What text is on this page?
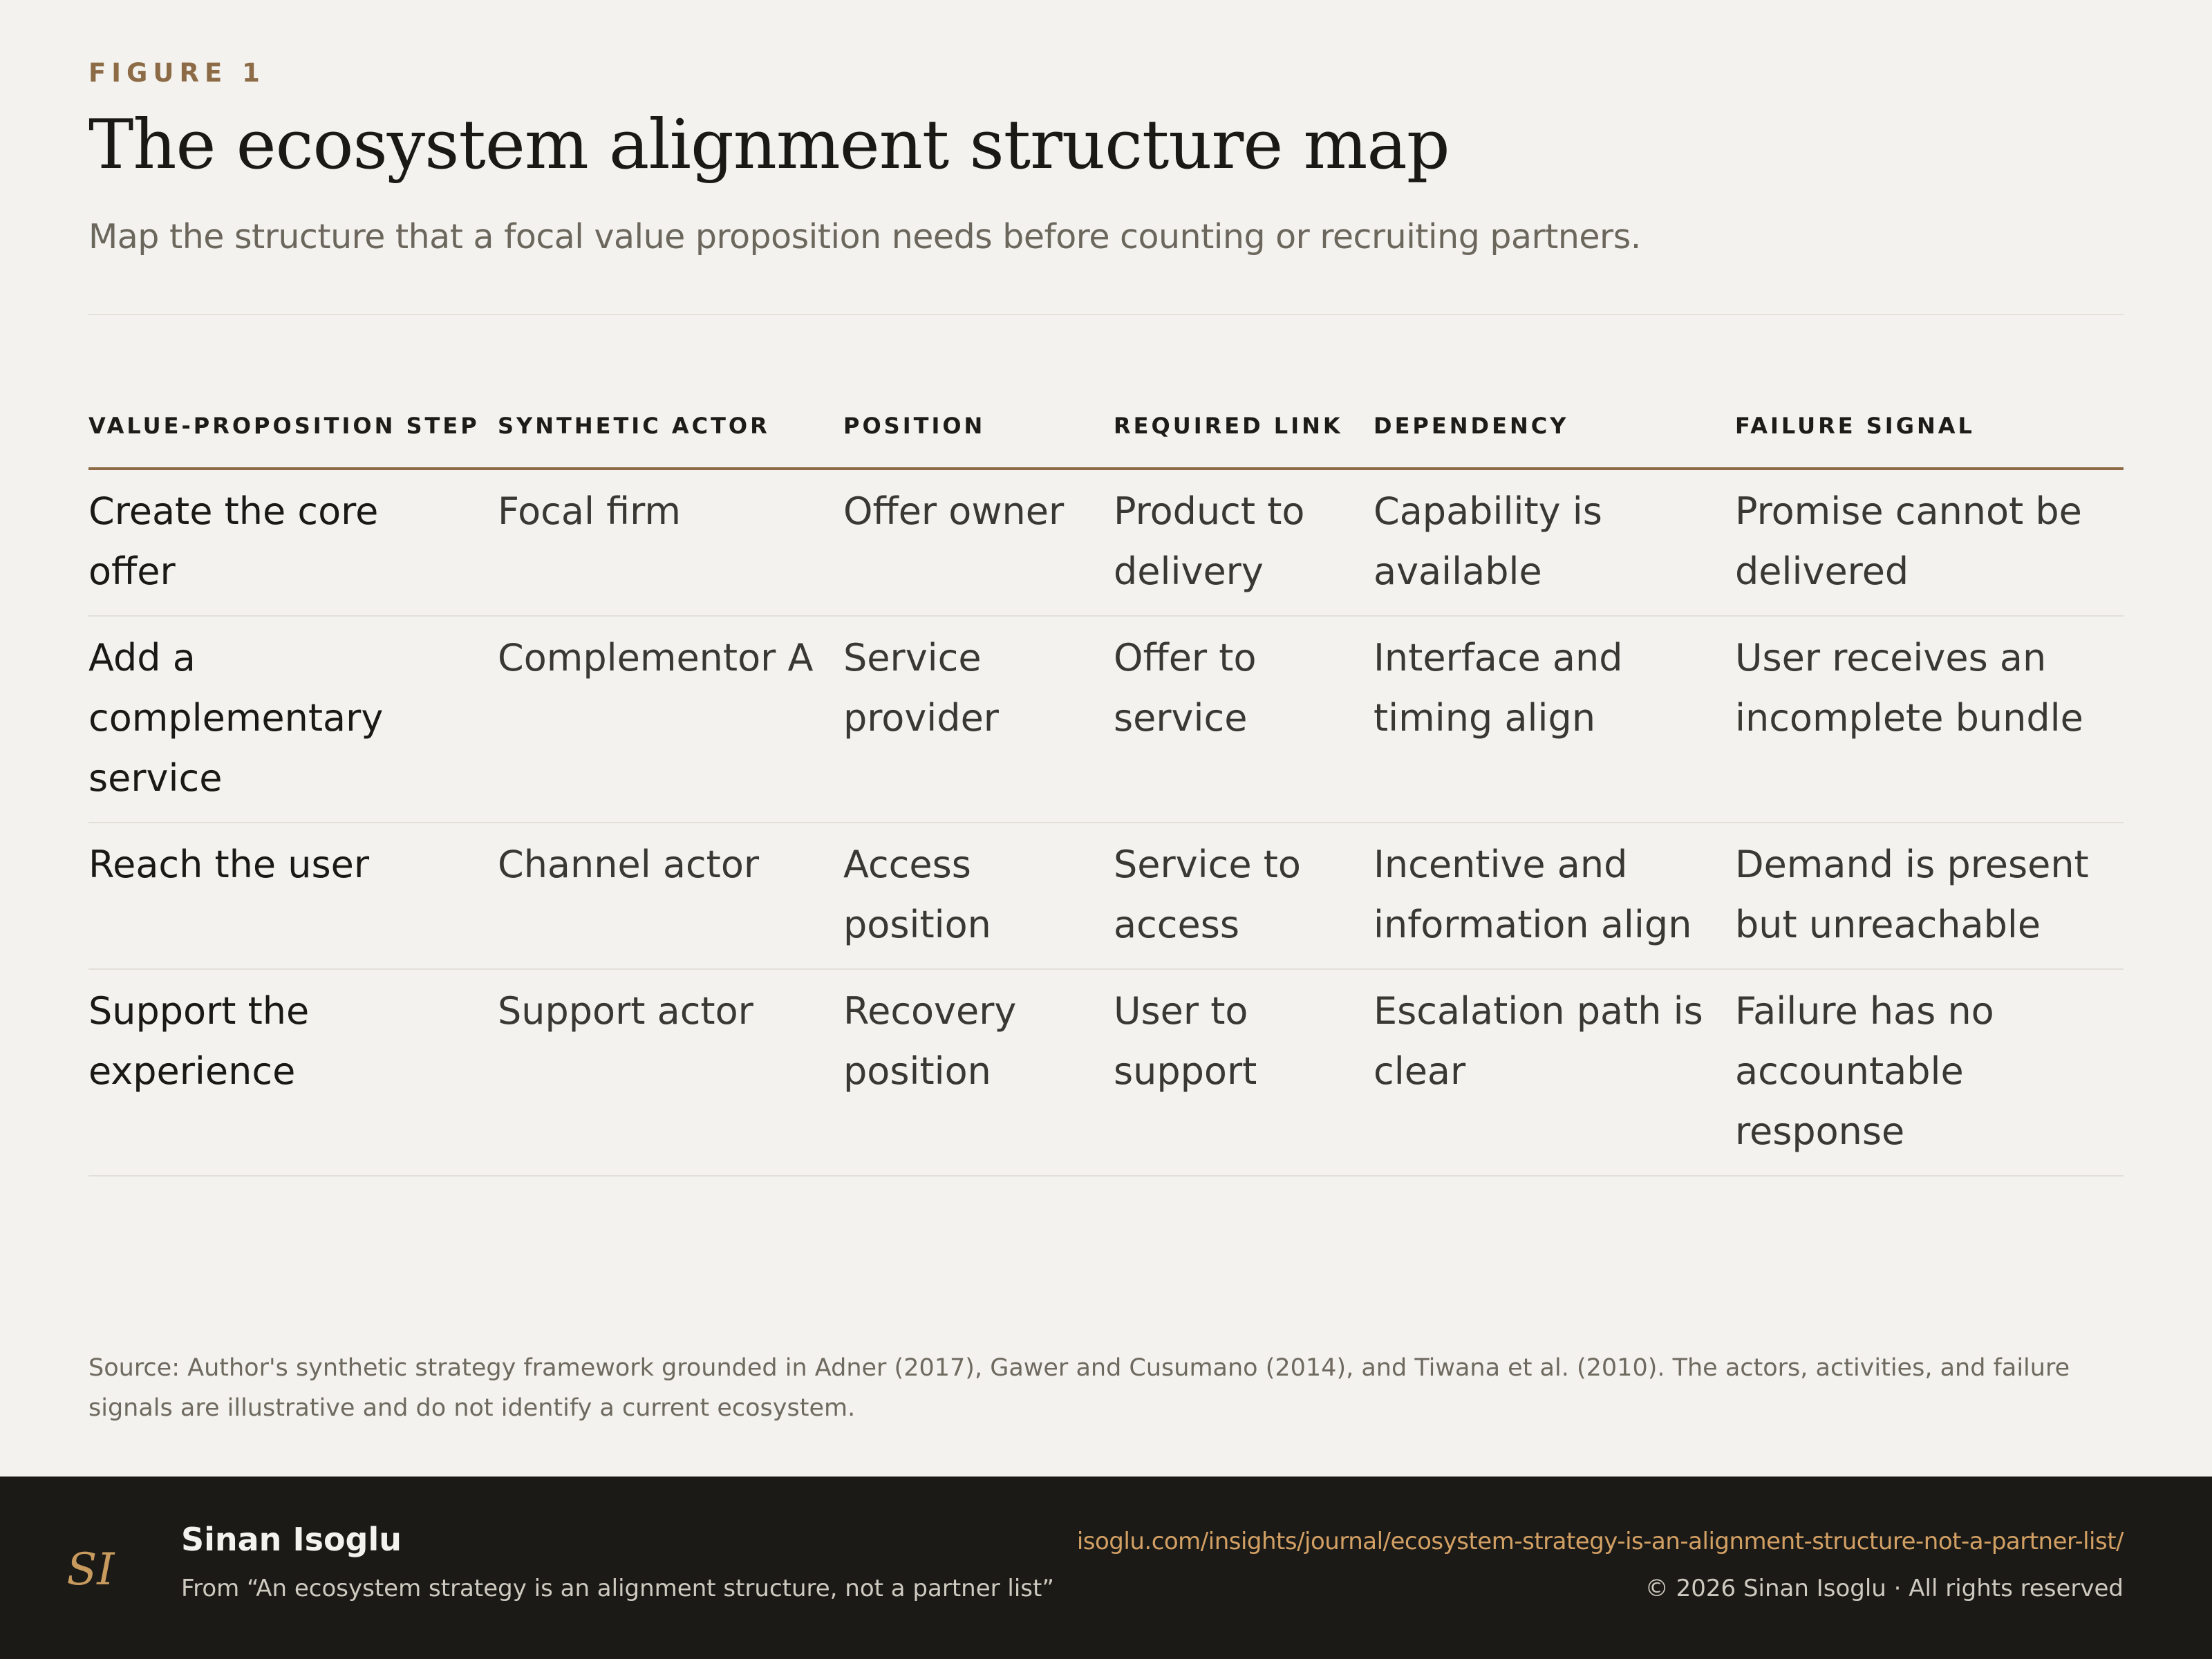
FIGURE 1
The ecosystem alignment structure map

Map the structure that a focal value proposition needs before counting or recruiting partners.

VALUE-PROPOSITION STEP	SYNTHETIC ACTOR	POSITION	REQUIRED LINK	DEPENDENCY	FAILURE SIGNAL
Create the core offer	Focal firm	Offer owner	Product to delivery	Capability is available	Promise cannot be delivered
Add a complementary service	Complementor A	Service provider	Offer to service	Interface and timing align	User receives an incomplete bundle
Reach the user	Channel actor	Access position	Service to access	Incentive and information align	Demand is present but unreachable
Support the experience	Support actor	Recovery position	User to support	Escalation path is clear	Failure has no accountable response

Source: Author's synthetic strategy framework grounded in Adner (2017), Gawer and Cusumano (2014), and Tiwana et al. (2010). The actors, activities, and failure signals are illustrative and do not identify a current ecosystem.

SI
Sinan Isoglu
From “An ecosystem strategy is an alignment structure, not a partner list”
isoglu.com/insights/journal/ecosystem-strategy-is-an-alignment-structure-not-a-partner-list/
© 2026 Sinan Isoglu · All rights reserved
